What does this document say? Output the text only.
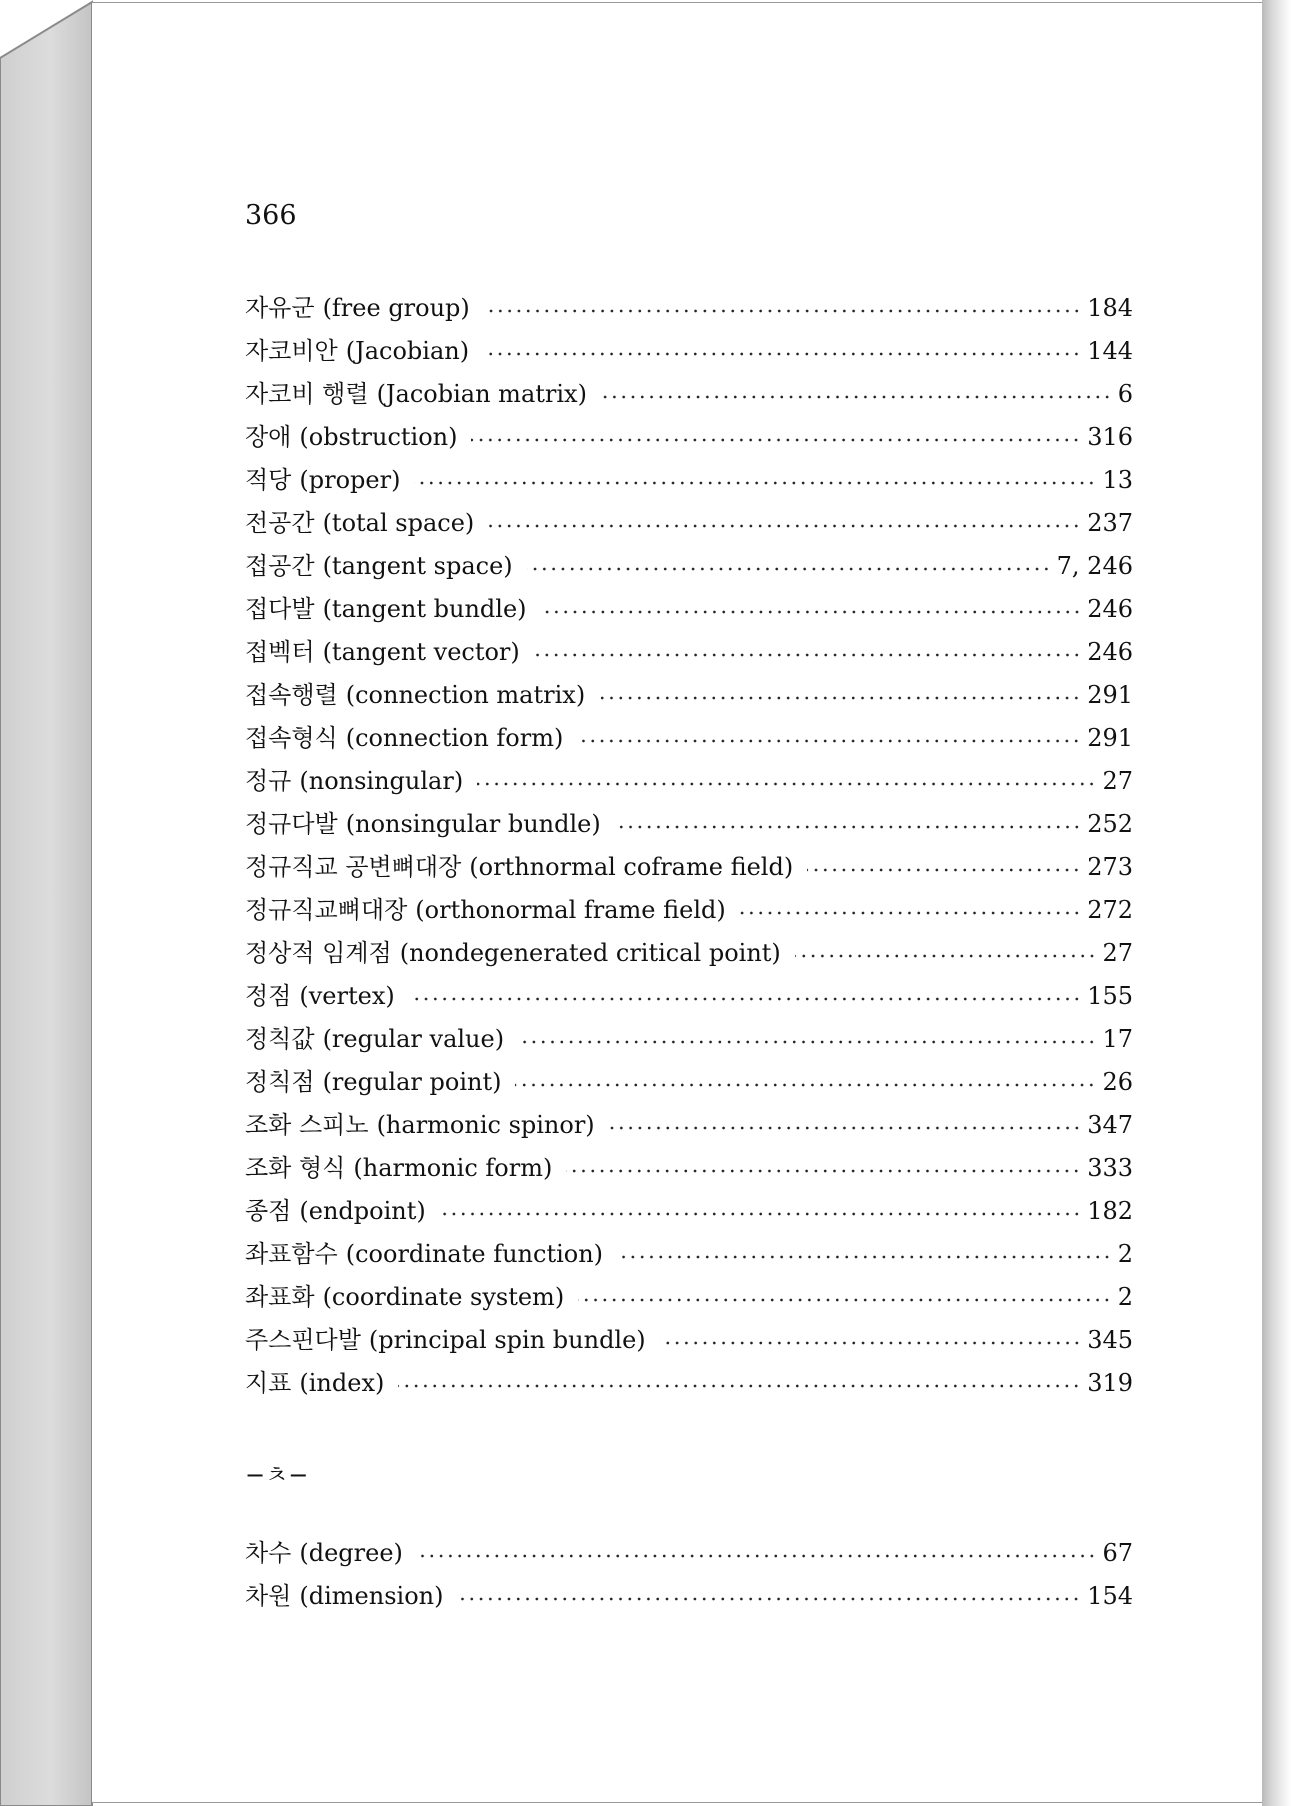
366
자유군 (free group)	184
자코비안 (Jacobian)	144
자코비 행렬 (Jacobian matrix)	6
장애 (obstruction)	316
적당 (proper)	13
전공간 (total space)	237
접공간 (tangent space)	7, 246
접다발 (tangent bundle)	246
접벡터 (tangent vector)	246
접속행렬 (connection matrix)	291
접속형식 (connection form)	291
정규 (nonsingular)	27
정규다발 (nonsingular bundle)	252
정규직교 공변뼈대장 (orthnormal coframe field)	273
정규직교뼈대장 (orthonormal frame field)	272
정상적 임계점 (nondegenerated critical point)	27
정점 (vertex)	155
정칙값 (regular value)	17
정칙점 (regular point)	26
조화 스피노 (harmonic spinor)	347
조화 형식 (harmonic form)	333
종점 (endpoint)	182
좌표함수 (coordinate function)	2
좌표화 (coordinate system)	2
주스핀다발 (principal spin bundle)	345
지표 (index)	319
−ㅊ−
차수 (degree)	67
차원 (dimension)	154
